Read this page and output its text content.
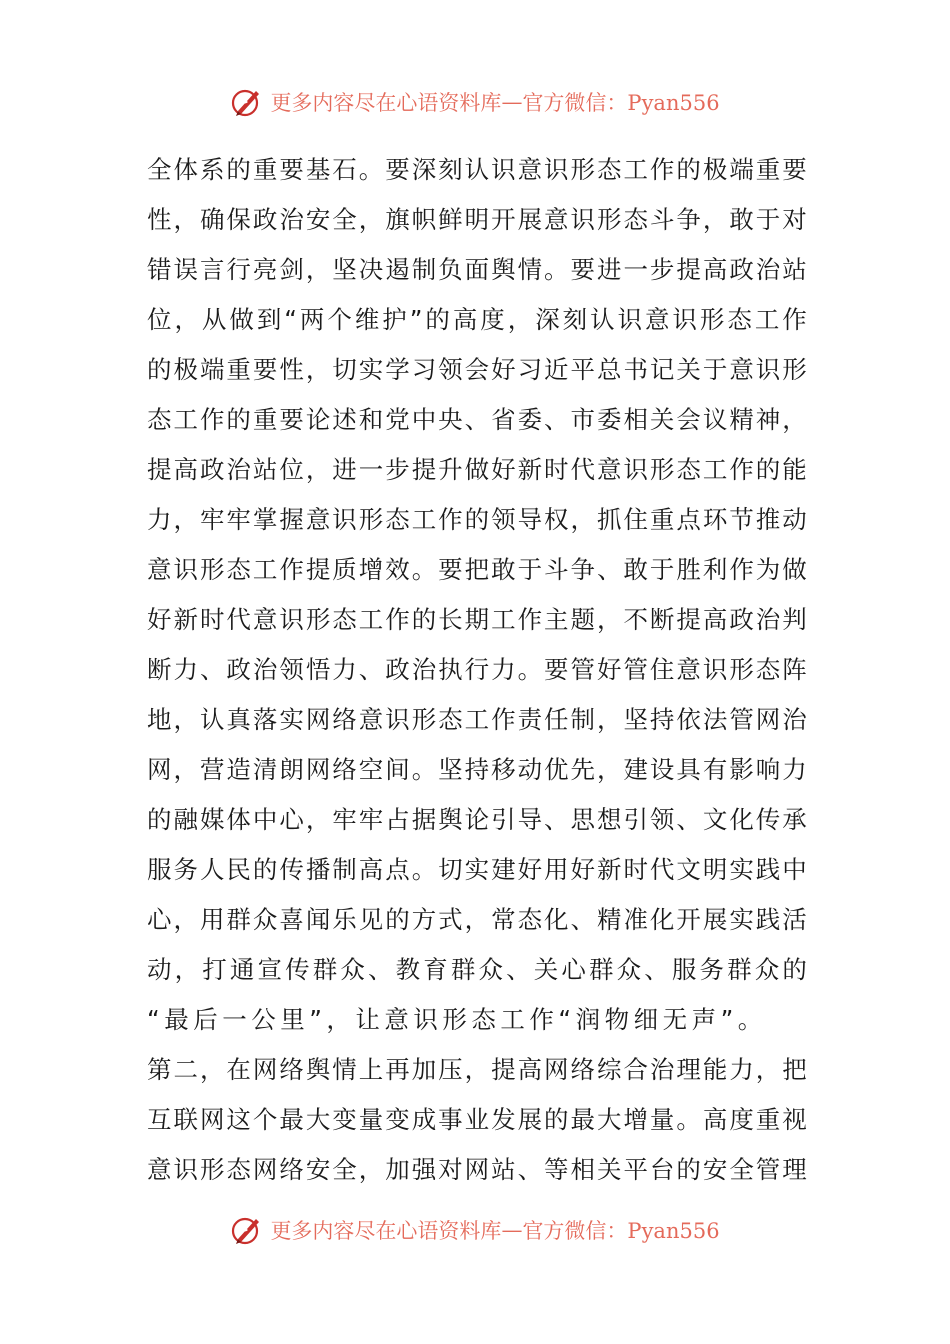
更多内容尽在心语资料库 — 官方微信：Pyan556
全 体 系 的 重 要 基 石 。 要 深 刻 认 识 意 识 形 态 工 作 的 极 端 重 要
性 ， 确 保 政 治 安 全 ， 旗 帜 鲜 明 开 展 意 识 形 态 斗 争 ， 敢 于 对
错 误 言 行 亮 剑 ， 坚 决 遏 制 负 面 舆 情 。 要 进 一 步 提 高 政 治 站
位 ， 从 做 到 “ 两 个 维 护 ” 的 高 度 ， 深 刻 认 识 意 识 形 态 工 作
的 极 端 重 要 性 ， 切 实 学 习 领 会 好 习 近 平 总 书 记 关 于 意 识 形
态 工 作 的 重 要 论 述 和 党 中 央 、 省 委 、 市 委 相 关 会 议 精 神 ，
提 高 政 治 站 位 ， 进 一 步 提 升 做 好 新 时 代 意 识 形 态 工 作 的 能
力 ， 牢 牢 掌 握 意 识 形 态 工 作 的 领 导 权 ， 抓 住 重 点 环 节 推 动
意 识 形 态 工 作 提 质 增 效 。 要 把 敢 于 斗 争 、 敢 于 胜 利 作 为 做
好 新 时 代 意 识 形 态 工 作 的 长 期 工 作 主 题 ， 不 断 提 高 政 治 判
断 力 、 政 治 领 悟 力 、 政 治 执 行 力 。 要 管 好 管 住 意 识 形 态 阵
地 ， 认 真 落 实 网 络 意 识 形 态 工 作 责 任 制 ， 坚 持 依 法 管 网 治
网 ， 营 造 清 朗 网 络 空 间 。 坚 持 移 动 优 先 ， 建 设 具 有 影 响 力
的 融 媒 体 中 心 ， 牢 牢 占 据 舆 论 引 导 、 思 想 引 领 、 文 化 传 承
服 务 人 民 的 传 播 制 高 点 。 切 实 建 好 用 好 新 时 代 文 明 实 践 中
心 ， 用 群 众 喜 闻 乐 见 的 方 式 ， 常 态 化 、 精 准 化 开 展 实 践 活
动 ， 打 通 宣 传 群 众 、 教 育 群 众 、 关 心 群 众 、 服 务 群 众 的
“最后一公里”，让意识形态工作“润物细无声”。
第 二 ， 在 网 络 舆 情 上 再 加 压 ， 提 高 网 络 综 合 治 理 能 力 ， 把
互 联 网 这 个 最 大 变 量 变 成 事 业 发 展 的 最 大 增 量 。 高 度 重 视
意 识 形 态 网 络 安 全 ， 加 强 对 网 站 、 等 相 关 平 台 的 安 全 管 理
更多内容尽在心语资料库 — 官方微信：Pyan556
